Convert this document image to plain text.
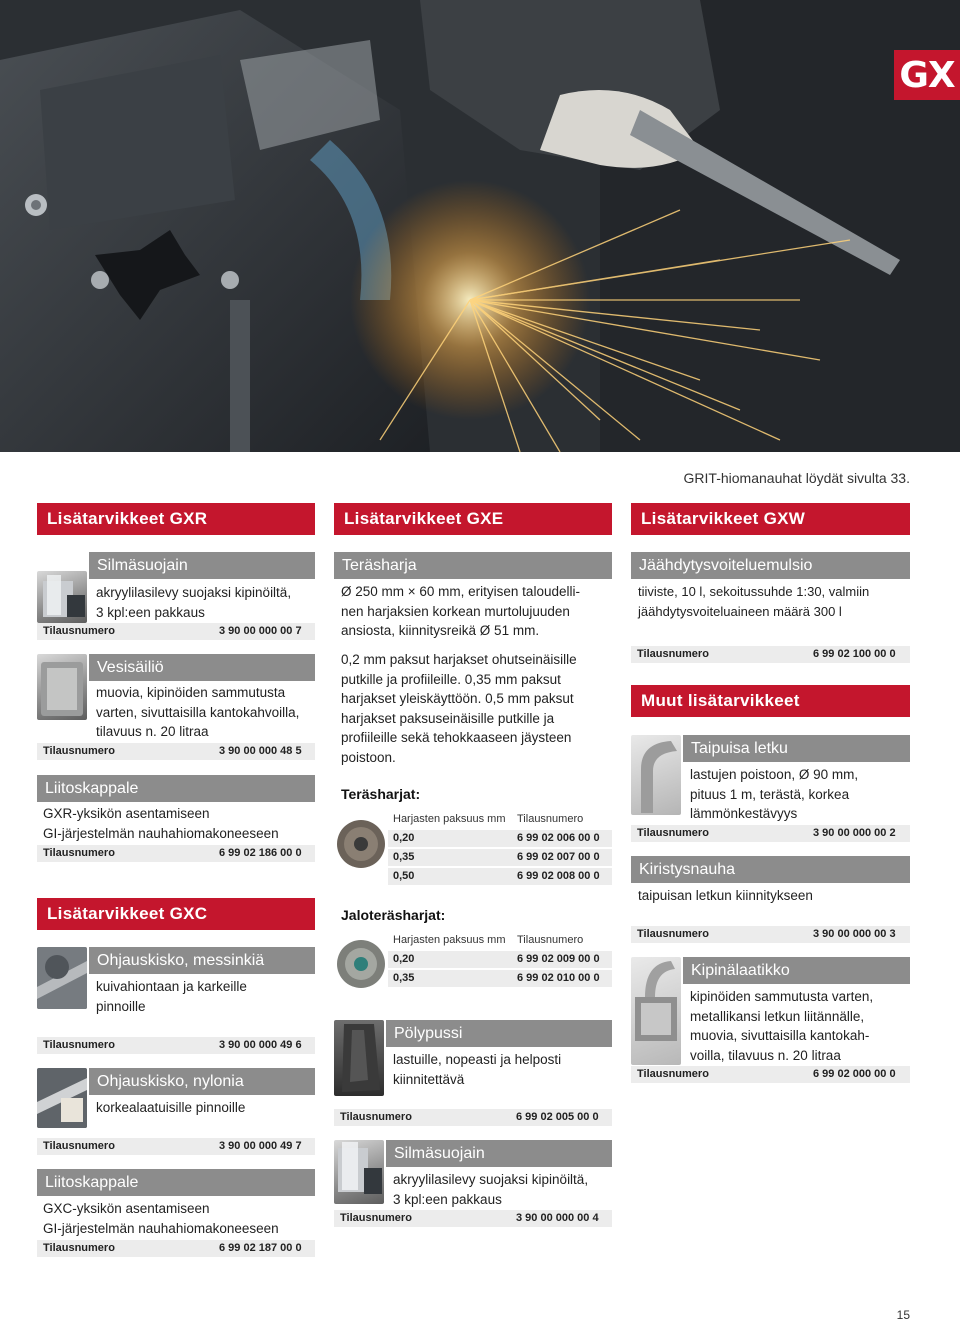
GX
GRIT-hiomanauhat löydät sivulta 33.
Lisätarvikkeet GXR
Silmäsuojain
akryylilasilevy suojaksi kipinöiltä,
3 kpl:een pakkaus
Tilausnumero	3 90 00 000 00 7
Vesisäiliö
muovia, kipinöiden sammutusta
varten, sivuttaisilla kantokahvoilla,
tilavuus n. 20 litraa
Tilausnumero	3 90 00 000 48 5
Liitoskappale
GXR-yksikön asentamiseen
GI-järjestelmän nauhahiomakoneeseen
Tilausnumero	6 99 02 186 00 0
Lisätarvikkeet GXC
Ohjauskisko, messinkiä
kuivahiontaan ja karkeille
pinnoille
Tilausnumero	3 90 00 000 49 6
Ohjauskisko, nylonia
korkealaatuisille pinnoille
Tilausnumero	3 90 00 000 49 7
Liitoskappale
GXC-yksikön asentamiseen
GI-järjestelmän nauhahiomakoneeseen
Tilausnumero	6 99 02 187 00 0
Lisätarvikkeet GXE
Teräsharja
Ø 250 mm × 60 mm, erityisen taloudelli-
nen harjaksien korkean murtolujuuden
ansiosta, kiinnitysreikä Ø 51 mm.
0,2 mm paksut harjakset ohutseinäisille
putkille ja profiileille. 0,35 mm paksut
harjakset yleiskäyttöön. 0,5 mm paksut
harjakset paksuseinäisille putkille ja
profiileille sekä tehokkaaseen jäysteen
poistoon.
Teräsharjat:
Harjasten paksuus mm Tilausnumero
0,20	6 99 02 006 00 0
0,35	6 99 02 007 00 0
0,50	6 99 02 008 00 0
Jaloteräsharjat:
Harjasten paksuus mm Tilausnumero
0,20	6 99 02 009 00 0
0,35	6 99 02 010 00 0
Pölypussi
lastuille, nopeasti ja helposti
kiinnitettävä
Tilausnumero	6 99 02 005 00 0
Silmäsuojain
akryylilasilevy suojaksi kipinöiltä,
3 kpl:een pakkaus
Tilausnumero	3 90 00 000 00 4
Lisätarvikkeet GXW
Jäähdytysvoiteluemulsio
tiiviste, 10 l, sekoitussuhde 1:30, valmiin
jäähdytysvoiteluaineen määrä 300 l
Tilausnumero	6 99 02 100 00 0
Muut lisätarvikkeet
Taipuisa letku
lastujen poistoon, Ø 90 mm,
pituus 1 m, terästä, korkea
lämmönkestävyys
Tilausnumero	3 90 00 000 00 2
Kiristysnauha
taipuisan letkun kiinnitykseen
Tilausnumero	3 90 00 000 00 3
Kipinälaatikko
kipinöiden sammutusta varten,
metallikansi letkun liitännälle,
muovia, sivuttaisilla kantokah-
voilla, tilavuus n. 20 litraa
Tilausnumero	6 99 02 000 00 0
15
